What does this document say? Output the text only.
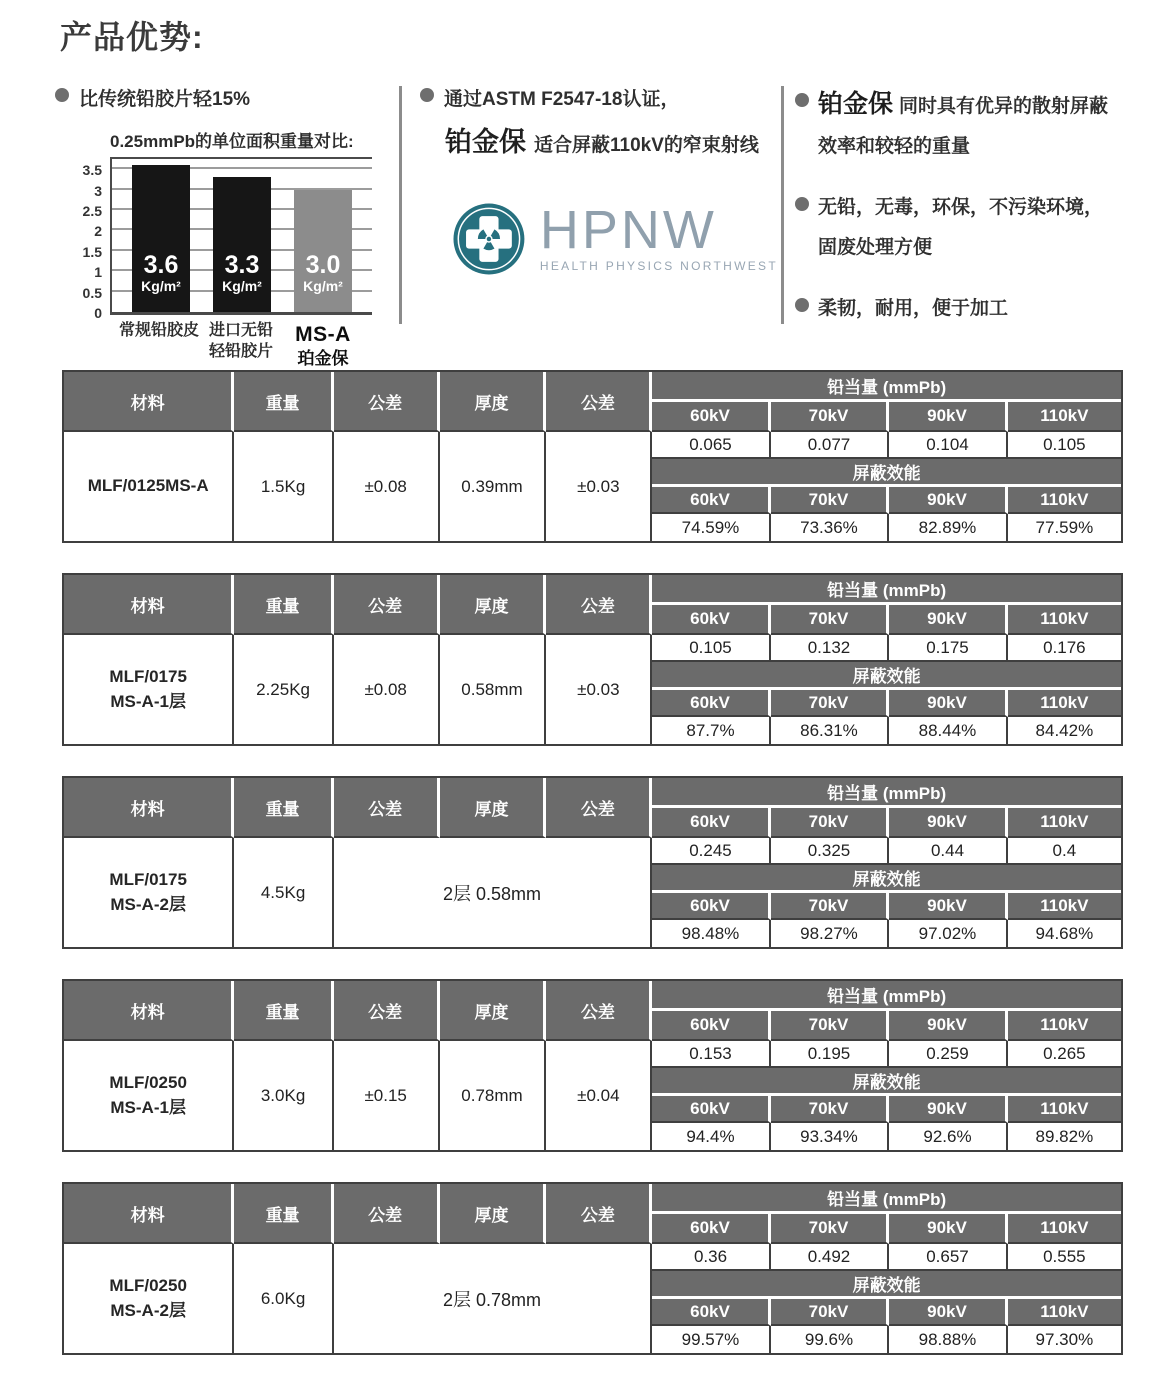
产品优势:
比传统铅胶片轻15%
0.25mmPb的单位面积重量对比:
0
0.5
1
1.5
2
2.5
3
3.5
3.6
Kg/m²
3.3
Kg/m²
3.0
Kg/m²
常规铅胶皮 进口无铅
轻铅胶片
MS-A
珀金保
通过ASTM F2547-18认证，
铂金保 适合屏蔽110kV的窄束射线
HPNW
HEALTH PHYSICS NORTHWEST
铂金保 同时具有优异的散射屏蔽
效率和较轻的重量
无铅，无毒，环保，不污染环境，
固废处理方便
柔韧，耐用，便于加工
材料	重量	公差	厚度	公差	铅当量 (mmPb)			
					60kV	70kV	90kV	110kV

MLF/0125MS-A	1.5Kg	±0.08	0.39mm	±0.03	0.065	0.077	0.104	0.105
					屏蔽效能			
					60kV	70kV	90kV	110kV
					74.59%	73.36%	82.89%	77.59%
材料	重量	公差	厚度	公差	铅当量 (mmPb)			
					60kV	70kV	90kV	110kV

MLF/0175
MS-A-1层	2.25Kg	±0.08	0.58mm	±0.03	0.105	0.132	0.175	0.176
					屏蔽效能			
					60kV	70kV	90kV	110kV
					87.7%	86.31%	88.44%	84.42%
材料	重量	公差	厚度	公差	铅当量 (mmPb)			
					60kV	70kV	90kV	110kV

MLF/0175
MS-A-2层	4.5Kg	2层 0.58mm			0.245	0.325	0.44	0.4
					屏蔽效能			
					60kV	70kV	90kV	110kV
					98.48%	98.27%	97.02%	94.68%
材料	重量	公差	厚度	公差	铅当量 (mmPb)			
					60kV	70kV	90kV	110kV

MLF/0250
MS-A-1层	3.0Kg	±0.15	0.78mm	±0.04	0.153	0.195	0.259	0.265
					屏蔽效能			
					60kV	70kV	90kV	110kV
					94.4%	93.34%	92.6%	89.82%
材料	重量	公差	厚度	公差	铅当量 (mmPb)			
					60kV	70kV	90kV	110kV

MLF/0250
MS-A-2层	6.0Kg	2层 0.78mm			0.36	0.492	0.657	0.555
					屏蔽效能			
					60kV	70kV	90kV	110kV
					99.57%	99.6%	98.88%	97.30%
